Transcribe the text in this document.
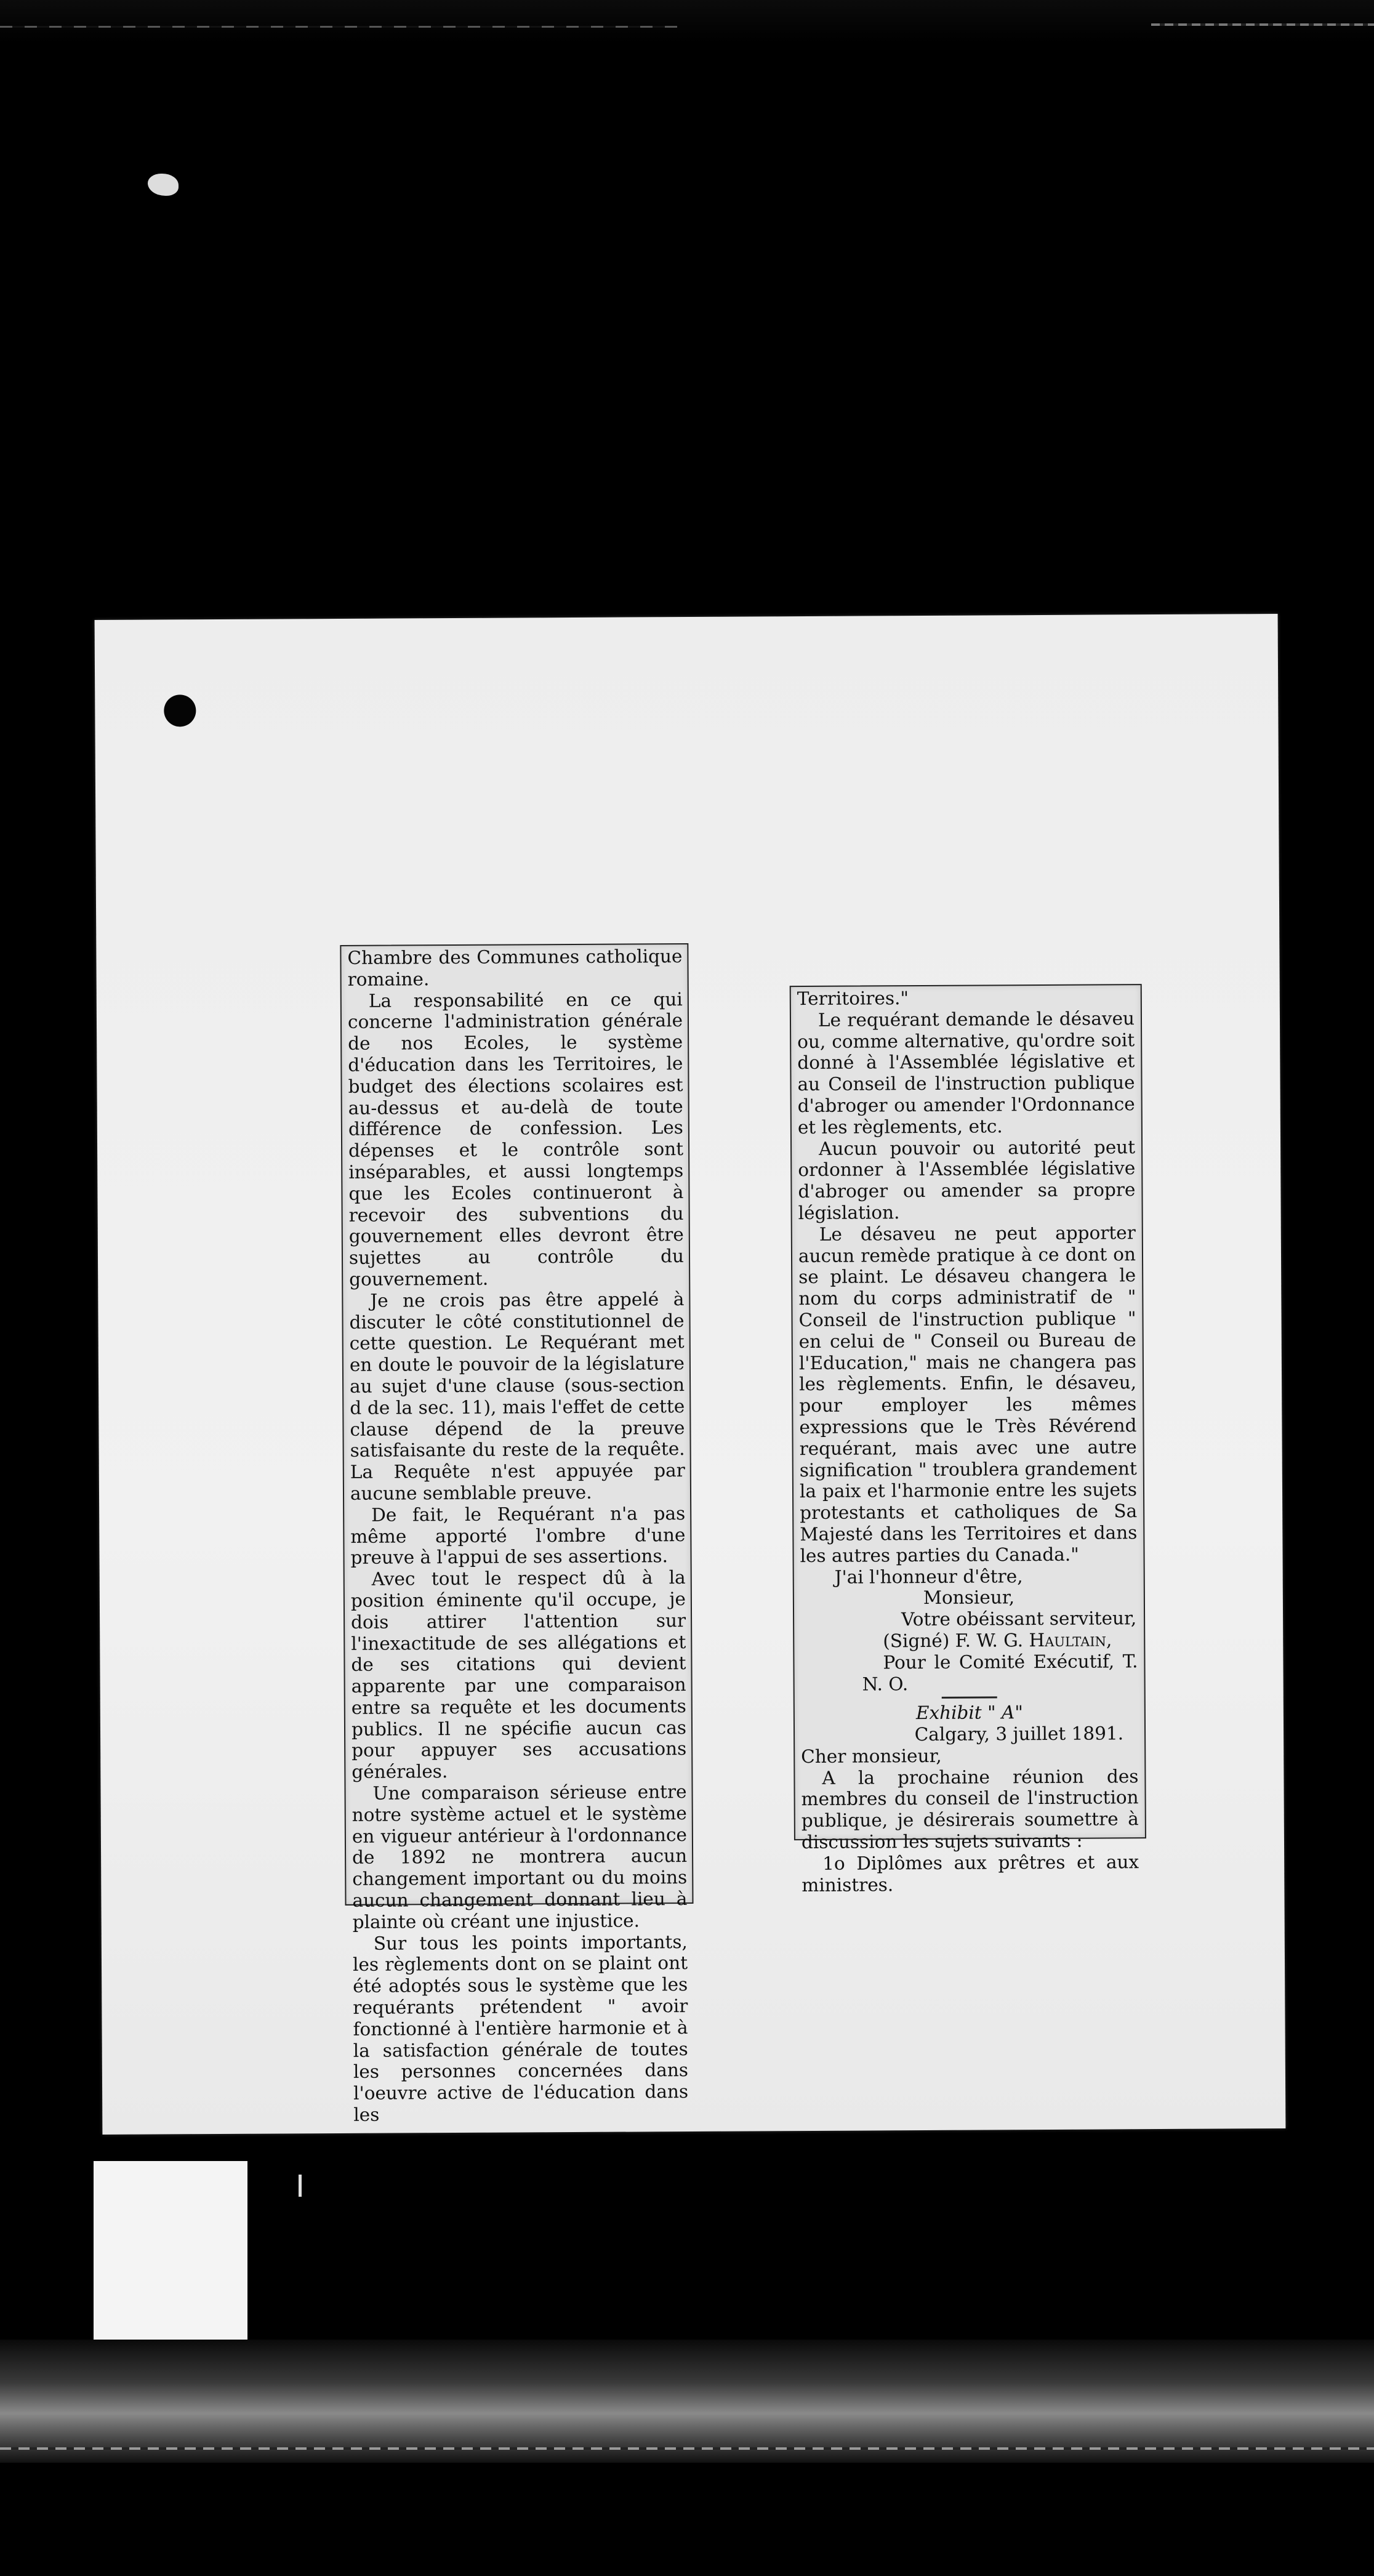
Chambre des Communes catholique romaine.

La responsabilité en ce qui concerne l'administration générale de nos Ecoles, le système d'éducation dans les Territoires, le budget des élections scolaires est au-dessus et au-delà de toute différence de confession. Les dépenses et le contrôle sont inséparables, et aussi longtemps que les Ecoles continueront à recevoir des subventions du gouvernement elles devront être sujettes au contrôle du gouvernement.

Je ne crois pas être appelé à discuter le côté constitutionnel de cette question. Le Requérant met en doute le pouvoir de la législature au sujet d'une clause (sous-section d de la sec. 11), mais l'effet de cette clause dépend de la preuve satisfaisante du reste de la requête. La Requête n'est appuyée par aucune semblable preuve.

De fait, le Requérant n'a pas même apporté l'ombre d'une preuve à l'appui de ses assertions.

Avec tout le respect dû à la position éminente qu'il occupe, je dois attirer l'attention sur l'inexactitude de ses allégations et de ses citations qui devient apparente par une comparaison entre sa requête et les documents publics. Il ne spécifie aucun cas pour appuyer ses accusations générales.

Une comparaison sérieuse entre notre système actuel et le système en vigueur antérieur à l'ordonnance de 1892 ne montrera aucun changement important ou du moins aucun changement donnant lieu à plainte où créant une injustice.

Sur tous les points importants, les règlements dont on se plaint ont été adoptés sous le système que les requérants prétendent " avoir fonctionné à l'entière harmonie et à la satisfaction générale de toutes les personnes concernées dans l'oeuvre active de l'éducation dans les

Territoires."

Le requérant demande le désaveu ou, comme alternative, qu'ordre soit donné à l'Assemblée législative et au Conseil de l'instruction publique d'abroger ou amender l'Ordonnance et les règlements, etc.

Aucun pouvoir ou autorité peut ordonner à l'Assemblée législative d'abroger ou amender sa propre législation.

Le désaveu ne peut apporter aucun remède pratique à ce dont on se plaint. Le désaveu changera le nom du corps administratif de " Conseil de l'instruction publique " en celui de " Conseil ou Bureau de l'Education," mais ne changera pas les règlements. Enfin, le désaveu, pour employer les mêmes expressions que le Très Révérend requérant, mais avec une autre signification " troublera grandement la paix et l'harmonie entre les sujets protestants et catholiques de Sa Majesté dans les Territoires et dans les autres parties du Canada."

J'ai l'honneur d'être,

Monsieur,

Votre obéissant serviteur,

(Signé) F. W. G. Haultain,

Pour le Comité Exécutif, T. N. O.

Exhibit " A"

Calgary, 3 juillet 1891.

Cher monsieur,

A la prochaine réunion des membres du conseil de l'instruction publique, je désirerais soumettre à discussion les sujets suivants :

1o Diplômes aux prêtres et aux ministres.
